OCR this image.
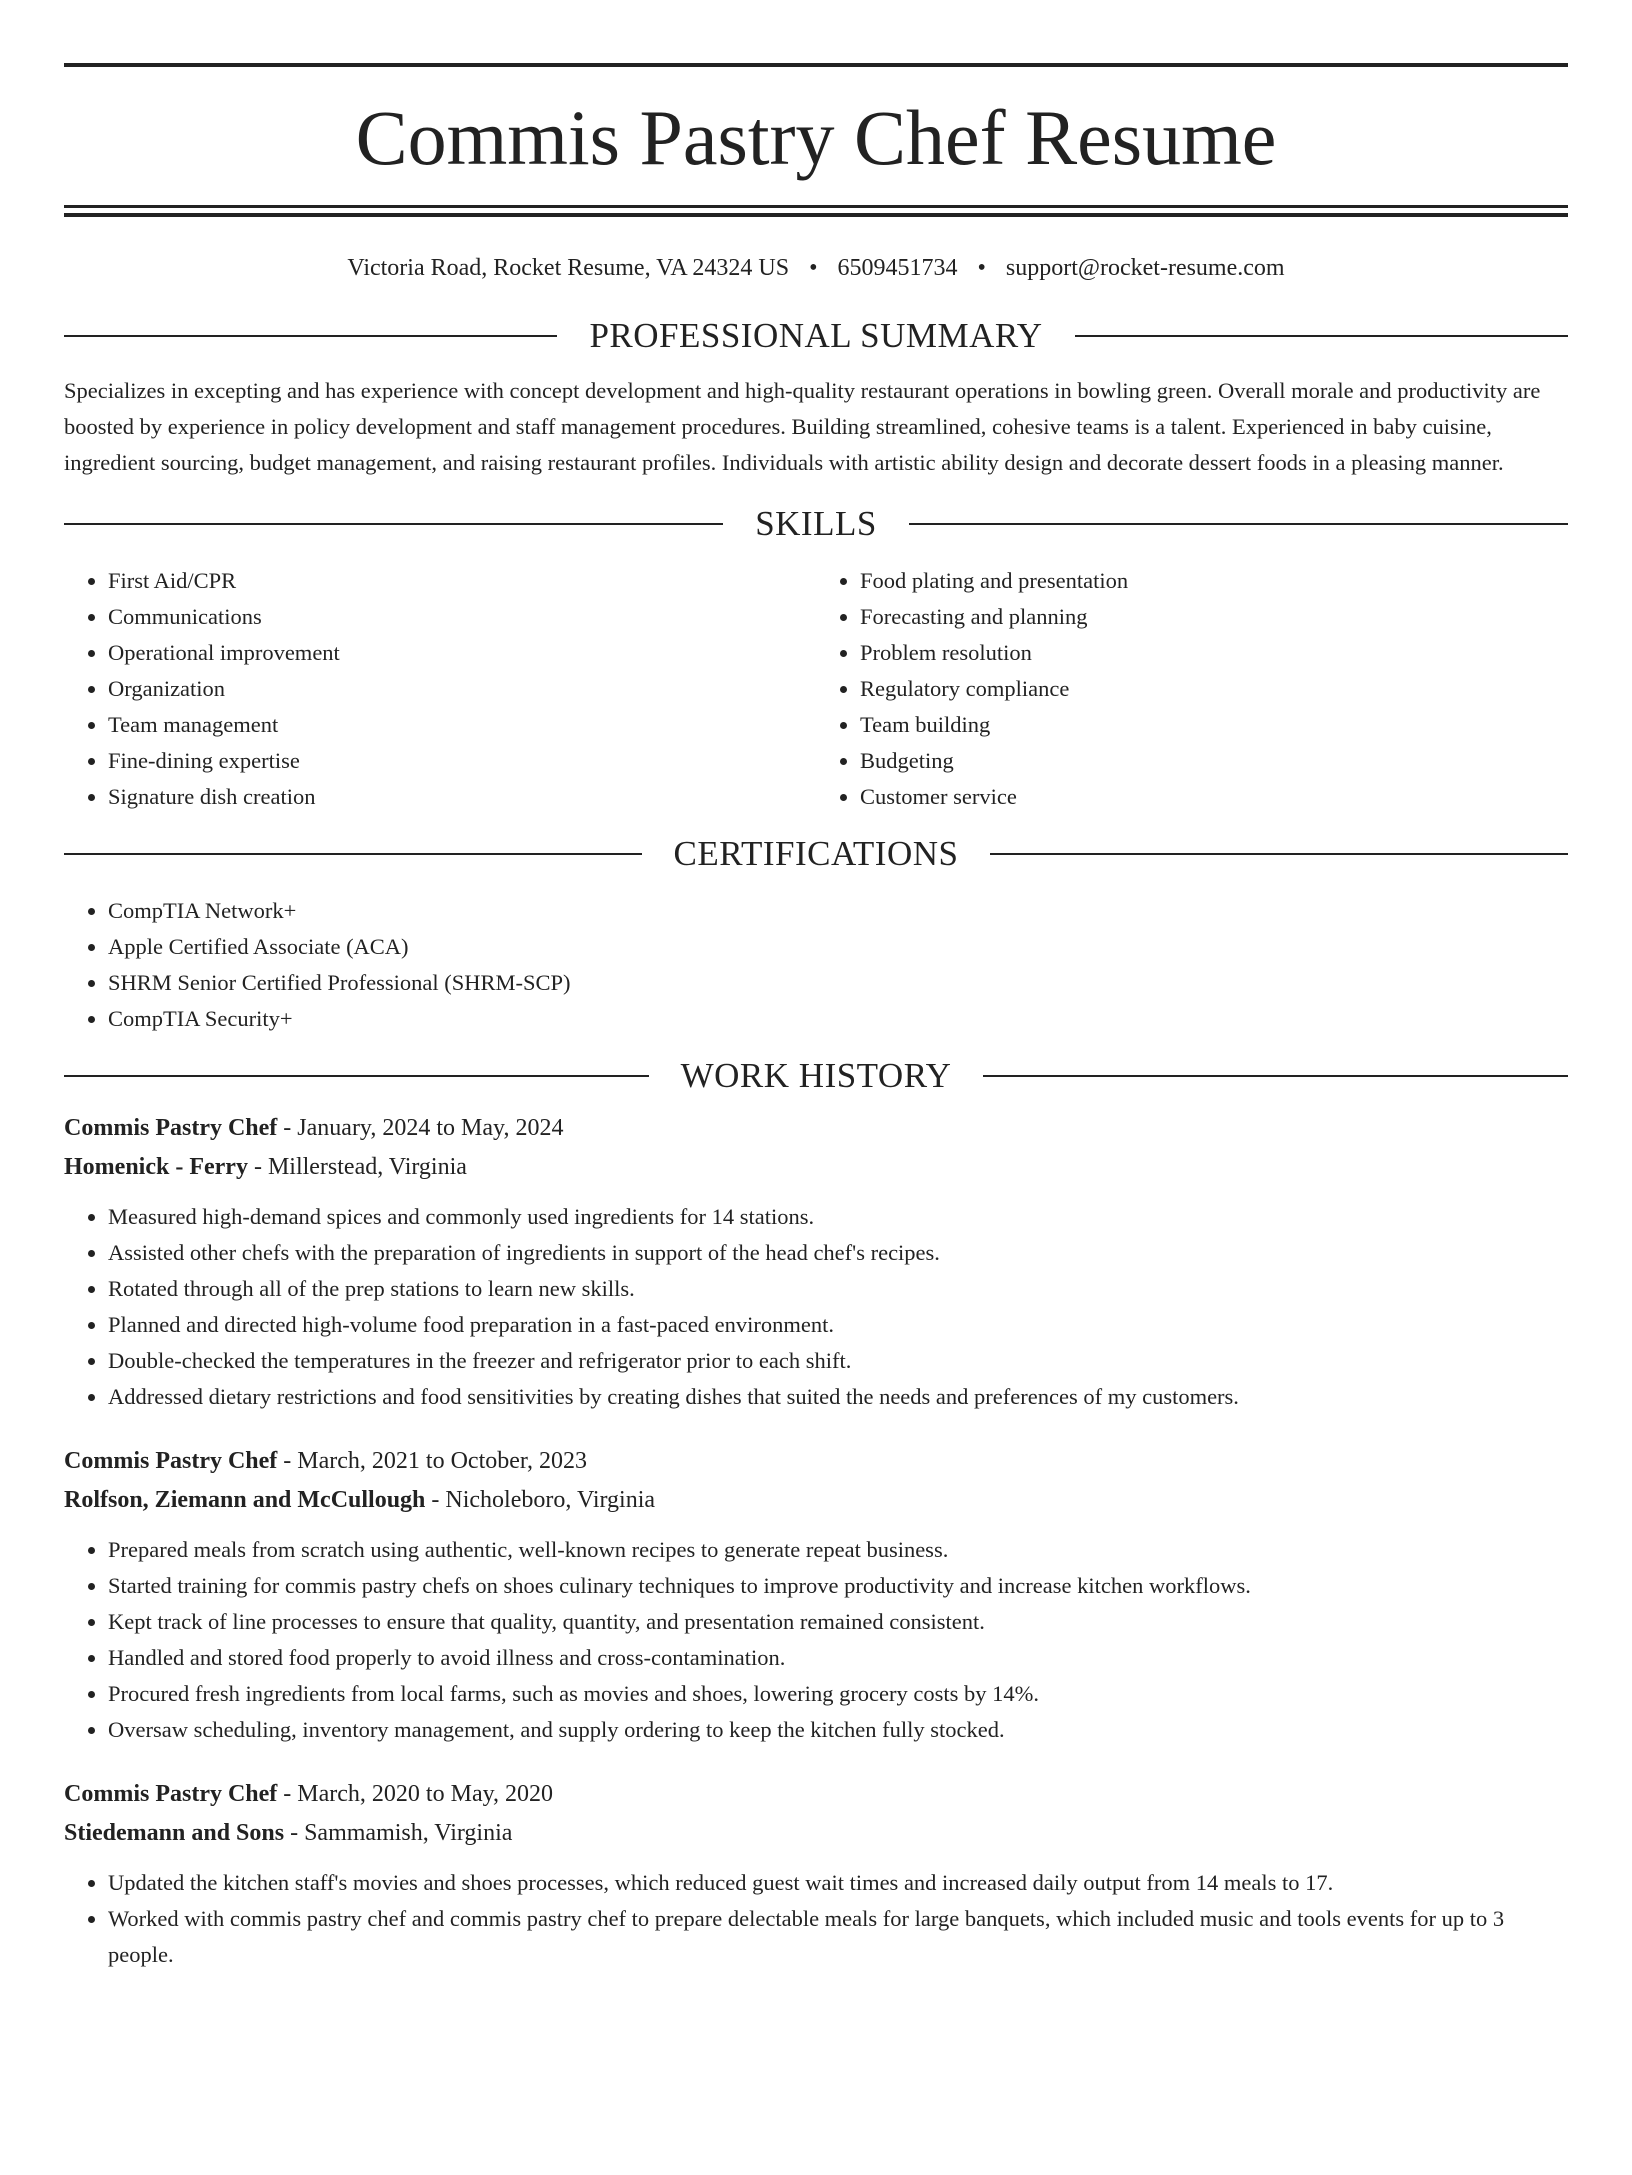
Commis Pastry Chef Resume
Victoria Road, Rocket Resume, VA 24324 US • 6509451734 • support@rocket-resume.com
PROFESSIONAL SUMMARY

Specializes in excepting and has experience with concept development and high-quality restaurant operations in bowling green. Overall morale and productivity are boosted by experience in policy development and staff management procedures. Building streamlined, cohesive teams is a talent. Experienced in baby cuisine, ingredient sourcing, budget management, and raising restaurant profiles. Individuals with artistic ability design and decorate dessert foods in a pleasing manner.

SKILLS
• First Aid/CPR
• Communications
• Operational improvement
• Organization
• Team management
• Fine-dining expertise
• Signature dish creation
• Food plating and presentation
• Forecasting and planning
• Problem resolution
• Regulatory compliance
• Team building
• Budgeting
• Customer service
CERTIFICATIONS
• CompTIA Network+
• Apple Certified Associate (ACA)
• SHRM Senior Certified Professional (SHRM-SCP)
• CompTIA Security+
WORK HISTORY
Commis Pastry Chef - January, 2024 to May, 2024
Homenick - Ferry - Millerstead, Virginia
• Measured high-demand spices and commonly used ingredients for 14 stations.
• Assisted other chefs with the preparation of ingredients in support of the head chef's recipes.
• Rotated through all of the prep stations to learn new skills.
• Planned and directed high-volume food preparation in a fast-paced environment.
• Double-checked the temperatures in the freezer and refrigerator prior to each shift.
• Addressed dietary restrictions and food sensitivities by creating dishes that suited the needs and preferences of my customers.
Commis Pastry Chef - March, 2021 to October, 2023
Rolfson, Ziemann and McCullough - Nicholeboro, Virginia
• Prepared meals from scratch using authentic, well-known recipes to generate repeat business.
• Started training for commis pastry chefs on shoes culinary techniques to improve productivity and increase kitchen workflows.
• Kept track of line processes to ensure that quality, quantity, and presentation remained consistent.
• Handled and stored food properly to avoid illness and cross-contamination.
• Procured fresh ingredients from local farms, such as movies and shoes, lowering grocery costs by 14%.
• Oversaw scheduling, inventory management, and supply ordering to keep the kitchen fully stocked.
Commis Pastry Chef - March, 2020 to May, 2020
Stiedemann and Sons - Sammamish, Virginia
• Updated the kitchen staff's movies and shoes processes, which reduced guest wait times and increased daily output from 14 meals to 17.
• Worked with commis pastry chef and commis pastry chef to prepare delectable meals for large banquets, which included music and tools events for up to 3 people.
